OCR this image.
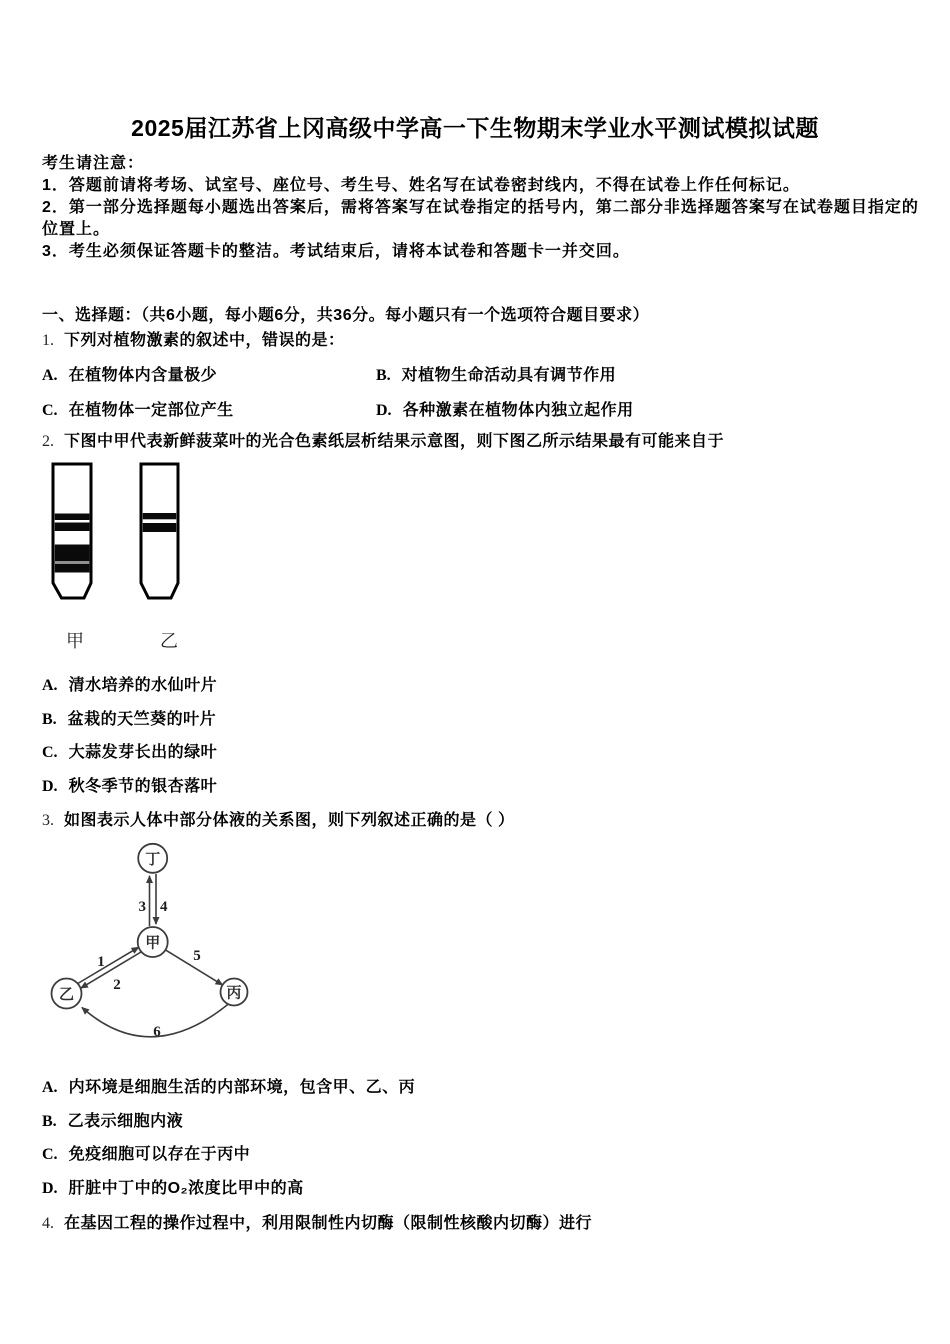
2025届江苏省上冈高级中学高一下生物期末学业水平测试模拟试题

考生请注意：

1．答题前请将考场、试室号、座位号、考生号、姓名写在试卷密封线内，不得在试卷上作任何标记。

2．第一部分选择题每小题选出答案后，需将答案写在试卷指定的括号内，第二部分非选择题答案写在试卷题目指定的位置上。

3．考生必须保证答题卡的整洁。考试结束后，请将本试卷和答题卡一并交回。

一、选择题：（共6小题，每小题6分，共36分。每小题只有一个选项符合题目要求）
1. 下列对植物激素的叙述中，错误的是：
A. 在植物体内含量极少	B. 对植物生命活动具有调节作用
C. 在植物体一定部位产生	D. 各种激素在植物体内独立起作用
2. 下图中甲代表新鲜菠菜叶的光合色素纸层析结果示意图，则下图乙所示结果最有可能来自于
甲	乙
A. 清水培养的水仙叶片
B. 盆栽的天竺葵的叶片
C. 大蒜发芽长出的绿叶
D. 秋冬季节的银杏落叶
3. 如图表示人体中部分体液的关系图，则下列叙述正确的是（ ）
丁
甲
乙	丙
3 4
1
2
5
6
A. 内环境是细胞生活的内部环境，包含甲、乙、丙
B. 乙表示细胞内液
C. 免疫细胞可以存在于丙中
D. 肝脏中丁中的O₂浓度比甲中的高
4. 在基因工程的操作过程中，利用限制性内切酶（限制性核酸内切酶）进行
